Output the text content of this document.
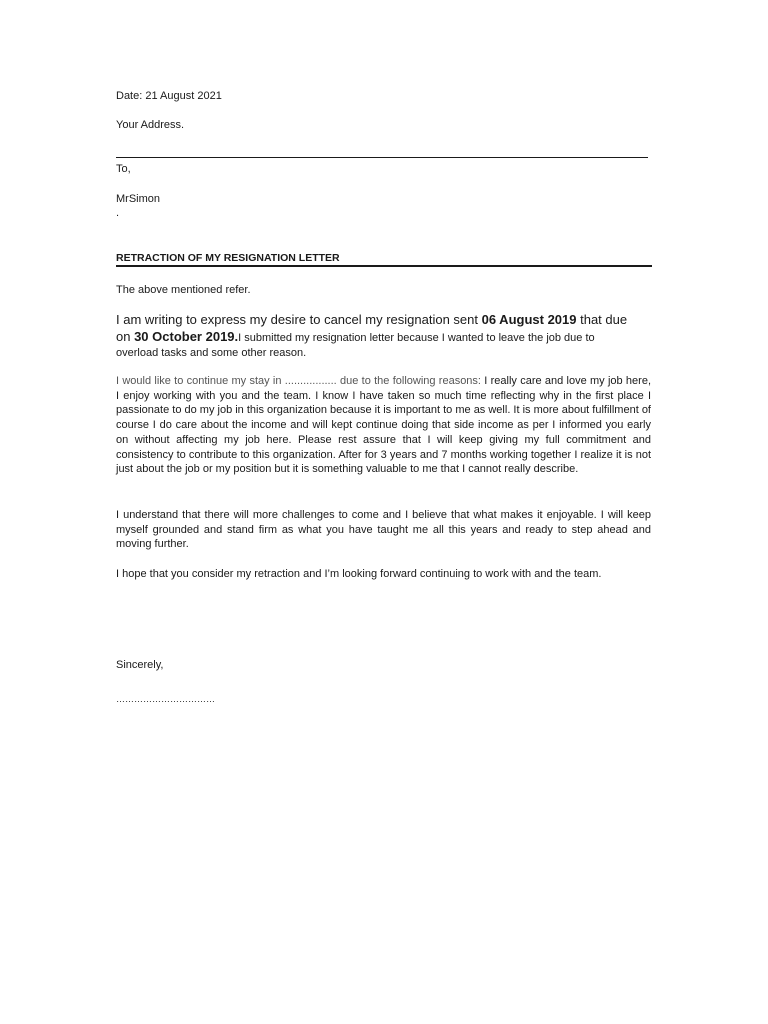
Date: 21 August 2021
Your Address.
To,
MrSimon
.
RETRACTION OF MY RESIGNATION LETTER
The above mentioned refer.
I am writing to express my desire to cancel my resignation sent 06 August 2019 that due on 30 October 2019.I submitted my resignation letter because I wanted to leave the job due to overload tasks and some other reason.
I would like to continue my stay in ................. due to the following reasons: I really care and love my job here, I enjoy working with you and the team. I know I have taken so much time reflecting why in the first place I passionate to do my job in this organization because it is important to me as well. It is more about fulfillment of course I do care about the income and will kept continue doing that side income as per I informed you early on without affecting my job here. Please rest assure that I will keep giving my full commitment and consistency to contribute to this organization. After for 3 years and 7 months working together I realize it is not just about the job or my position but it is something valuable to me that I cannot really describe.
I understand that there will more challenges to come and I believe that what makes it enjoyable. I will keep myself grounded and stand firm as what you have taught me all this years and ready to step ahead and moving further.
I hope that you consider my retraction and I’m looking forward continuing to work with and the team.
Sincerely,
……………………………
